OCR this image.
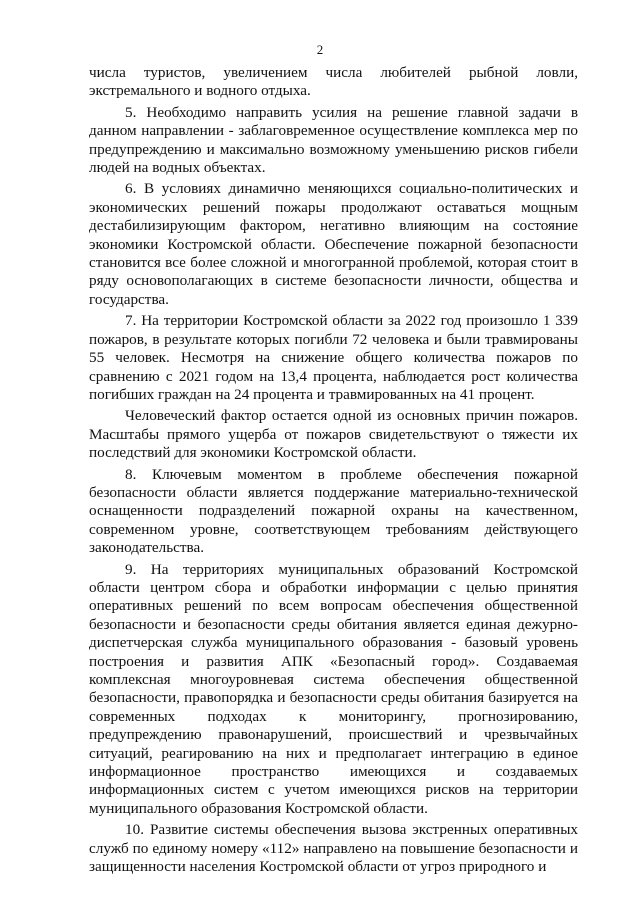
2

числа туристов, увеличением числа любителей рыбной ловли, экстремального и водного отдыха.

5. Необходимо направить усилия на решение главной задачи в данном направлении - заблаговременное осуществление комплекса мер по предупреждению и максимально возможному уменьшению рисков гибели людей на водных объектах.

6. В условиях динамично меняющихся социально-политических и экономических решений пожары продолжают оставаться мощным дестабилизирующим фактором, негативно влияющим на состояние экономики Костромской области. Обеспечение пожарной безопасности становится все более сложной и многогранной проблемой, которая стоит в ряду основополагающих в системе безопасности личности, общества и государства.

7. На территории Костромской области за 2022 год произошло 1 339 пожаров, в результате которых погибли 72 человека и были травмированы 55 человек. Несмотря на снижение общего количества пожаров по сравнению с 2021 годом на 13,4 процента, наблюдается рост количества погибших граждан на 24 процента и травмированных на 41 процент.

Человеческий фактор остается одной из основных причин пожаров. Масштабы прямого ущерба от пожаров свидетельствуют о тяжести их последствий для экономики Костромской области.

8. Ключевым моментом в проблеме обеспечения пожарной безопасности области является поддержание материально-технической оснащенности подразделений пожарной охраны на качественном, современном уровне, соответствующем требованиям действующего законодательства.

9. На территориях муниципальных образований Костромской области центром сбора и обработки информации с целью принятия оперативных решений по всем вопросам обеспечения общественной безопасности и безопасности среды обитания является единая дежурно-диспетчерская служба муниципального образования - базовый уровень построения и развития АПК «Безопасный город». Создаваемая комплексная многоуровневая система обеспечения общественной безопасности, правопорядка и безопасности среды обитания базируется на современных подходах к мониторингу, прогнозированию, предупреждению правонарушений, происшествий и чрезвычайных ситуаций, реагированию на них и предполагает интеграцию в единое информационное пространство имеющихся и создаваемых информационных систем с учетом имеющихся рисков на территории муниципального образования Костромской области.

10. Развитие системы обеспечения вызова экстренных оперативных служб по единому номеру «112» направлено на повышение безопасности и защищенности населения Костромской области от угроз природного и
